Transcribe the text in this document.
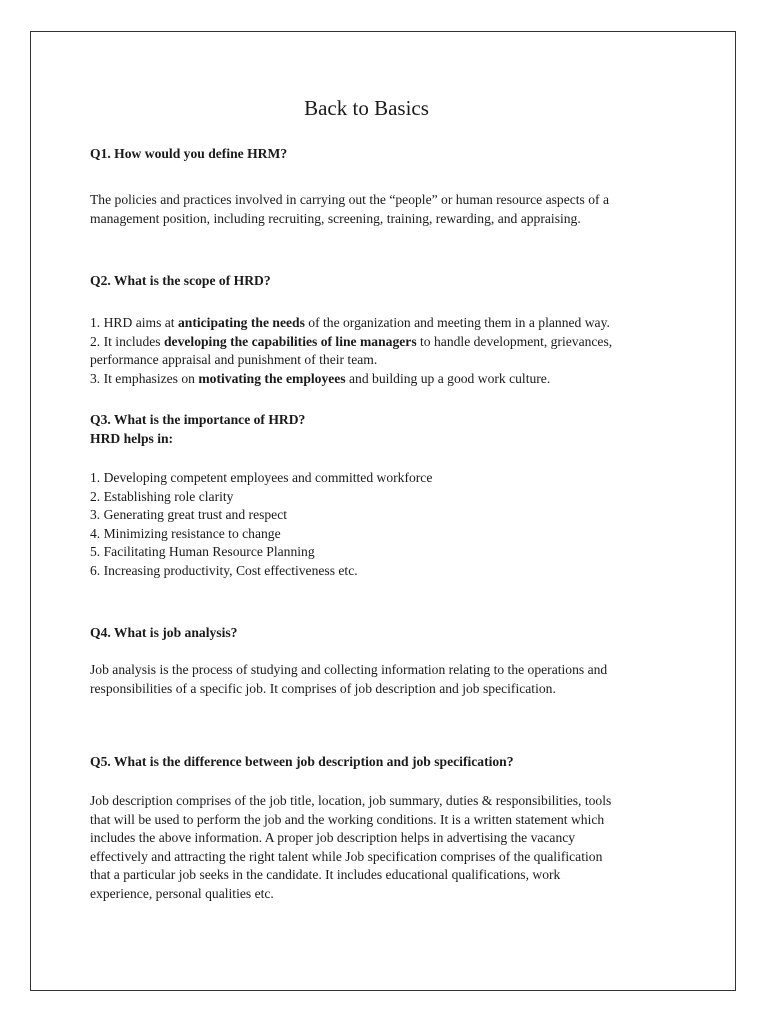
Back to Basics

Q1. How would you define HRM?

The policies and practices involved in carrying out the “people” or human resource aspects of a
management position, including recruiting, screening, training, rewarding, and appraising.

Q2. What is the scope of HRD?

1. HRD aims at anticipating the needs of the organization and meeting them in a planned way.
2. It includes developing the capabilities of line managers to handle development, grievances,
performance appraisal and punishment of their team.
3. It emphasizes on motivating the employees and building up a good work culture.

Q3. What is the importance of HRD?

HRD helps in:

1. Developing competent employees and committed workforce
2. Establishing role clarity
3. Generating great trust and respect
4. Minimizing resistance to change
5. Facilitating Human Resource Planning
6. Increasing productivity, Cost effectiveness etc.

Q4. What is job analysis?

Job analysis is the process of studying and collecting information relating to the operations and
responsibilities of a specific job. It comprises of job description and job specification.

Q5. What is the difference between job description and job specification?

Job description comprises of the job title, location, job summary, duties & responsibilities, tools
that will be used to perform the job and the working conditions. It is a written statement which
includes the above information. A proper job description helps in advertising the vacancy
effectively and attracting the right talent while Job specification comprises of the qualification
that a particular job seeks in the candidate. It includes educational qualifications, work
experience, personal qualities etc.
